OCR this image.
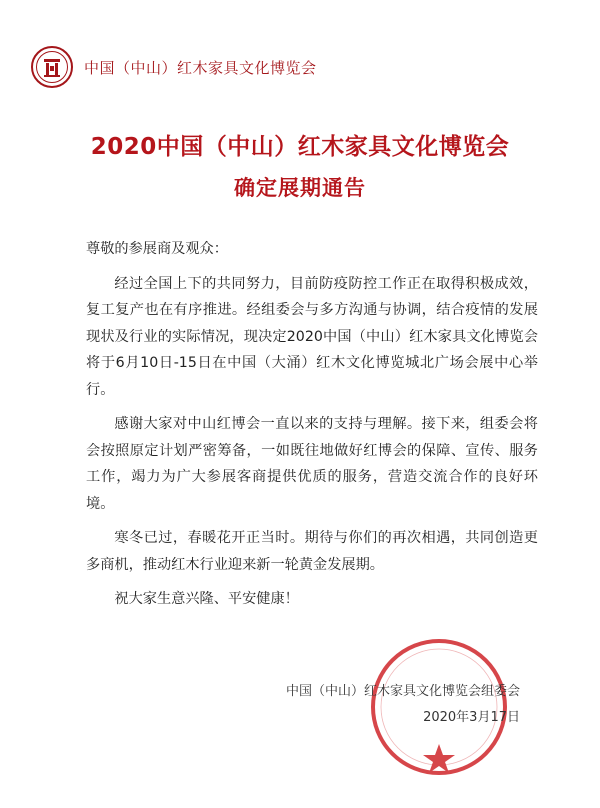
中国（中山）红木家具文化博览会
2020中国（中山）红木家具文化博览会
确定展期通告

尊敬的参展商及观众：

经过全国上下的共同努力，目前防疫防控工作正在取得积极成效，复工复产也在有序推进。经组委会与多方沟通与协调，结合疫情的发展现状及行业的实际情况，现决定2020中国（中山）红木家具文化博览会将于6月10日-15日在中国（大涌）红木文化博览城北广场会展中心举行。

感谢大家对中山红博会一直以来的支持与理解。接下来，组委会将会按照原定计划严密筹备，一如既往地做好红博会的保障、宣传、服务工作，竭力为广大参展客商提供优质的服务，营造交流合作的良好环境。

寒冬已过，春暖花开正当时。期待与你们的再次相遇，共同创造更多商机，推动红木行业迎来新一轮黄金发展期。

祝大家生意兴隆、平安健康！

中国（中山）红木家具文化博览会组委会
2020年3月17日
